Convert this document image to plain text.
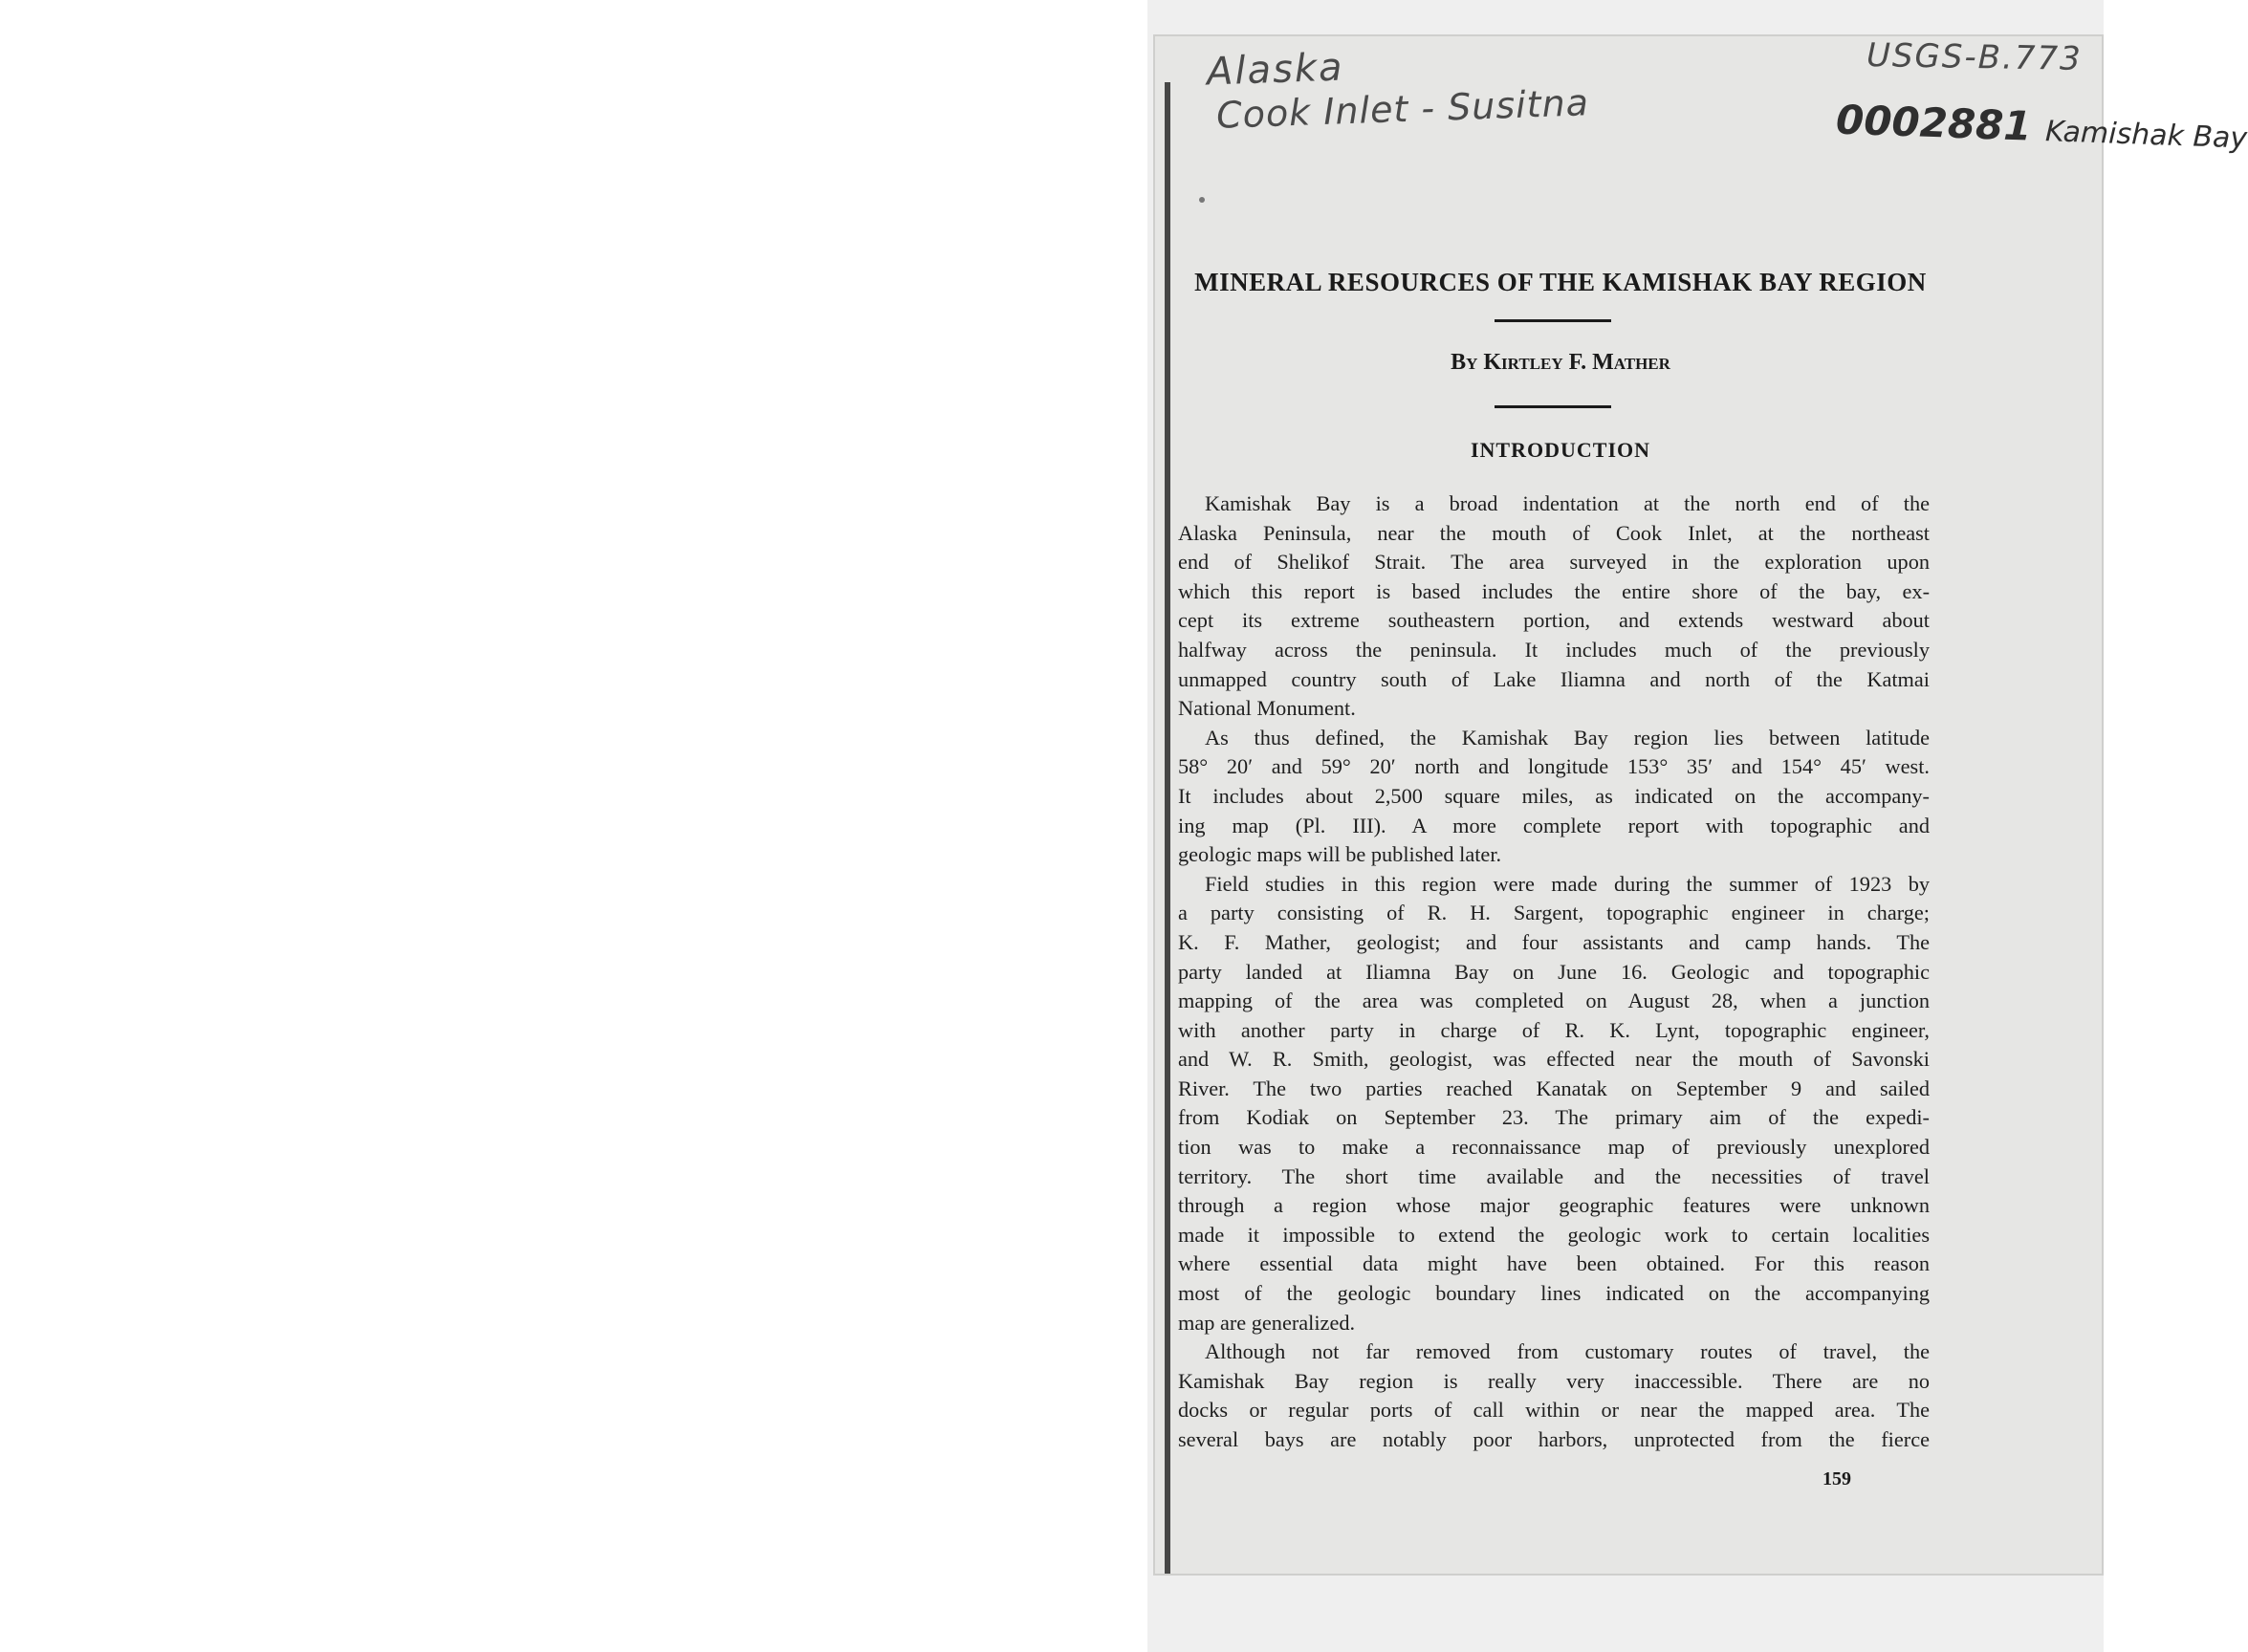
Alaska
Cook Inlet - Susitna
USGS-B.773
0002881 Kamishak Bay
MINERAL RESOURCES OF THE KAMISHAK BAY REGION
By Kirtley F. Mather
INTRODUCTION
Kamishak Bay is a broad indentation at the north end of the
Alaska Peninsula, near the mouth of Cook Inlet, at the northeast
end of Shelikof Strait. The area surveyed in the exploration upon
which this report is based includes the entire shore of the bay, ex-
cept its extreme southeastern portion, and extends westward about
halfway across the peninsula. It includes much of the previously
unmapped country south of Lake Iliamna and north of the Katmai
National Monument.
As thus defined, the Kamishak Bay region lies between latitude
58° 20′ and 59° 20′ north and longitude 153° 35′ and 154° 45′ west.
It includes about 2,500 square miles, as indicated on the accompany-
ing map (Pl. III). A more complete report with topographic and
geologic maps will be published later.
Field studies in this region were made during the summer of 1923 by
a party consisting of R. H. Sargent, topographic engineer in charge;
K. F. Mather, geologist; and four assistants and camp hands. The
party landed at Iliamna Bay on June 16. Geologic and topographic
mapping of the area was completed on August 28, when a junction
with another party in charge of R. K. Lynt, topographic engineer,
and W. R. Smith, geologist, was effected near the mouth of Savonski
River. The two parties reached Kanatak on September 9 and sailed
from Kodiak on September 23. The primary aim of the expedi-
tion was to make a reconnaissance map of previously unexplored
territory. The short time available and the necessities of travel
through a region whose major geographic features were unknown
made it impossible to extend the geologic work to certain localities
where essential data might have been obtained. For this reason
most of the geologic boundary lines indicated on the accompanying
map are generalized.
Although not far removed from customary routes of travel, the
Kamishak Bay region is really very inaccessible. There are no
docks or regular ports of call within or near the mapped area. The
several bays are notably poor harbors, unprotected from the fierce
159
